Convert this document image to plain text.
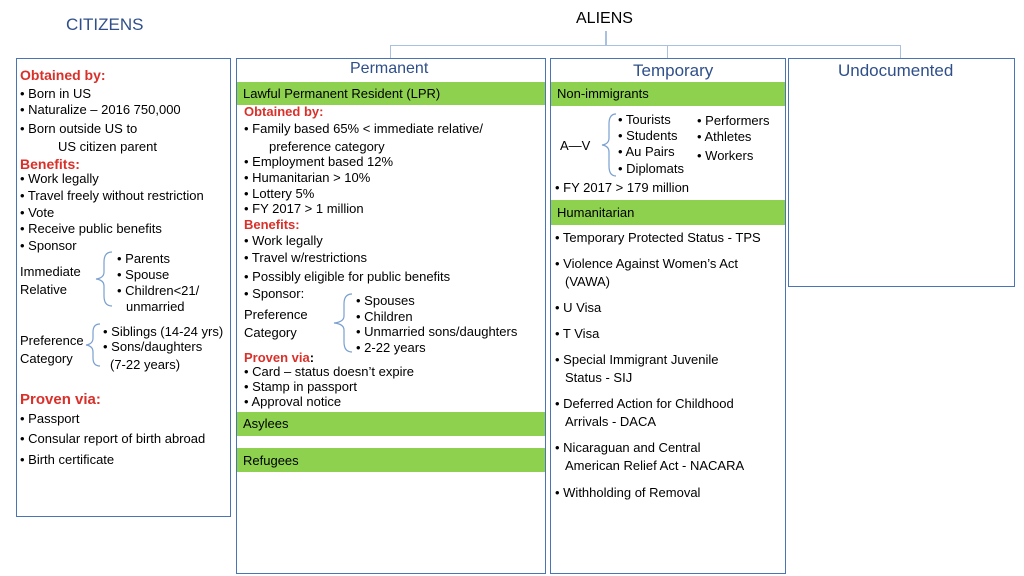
CITIZENS	ALIENS
Obtained by:
• Born in US
• Naturalize – 2016 750,000
• Born outside US to
US citizen parent
Benefits:
• Work legally
• Travel freely without restriction
• Vote
• Receive public benefits
• Sponsor
Immediate
Relative
• Parents
• Spouse
• Children<21/
unmarried
Preference
Category
• Siblings (14-24 yrs)
• Sons/daughters
(7-22 years)
Proven via:
• Passport
• Consular report of birth abroad
• Birth certificate
Permanent
Lawful Permanent Resident (LPR)
Obtained by:
• Family based 65% < immediate relative/
preference category
• Employment based 12%
• Humanitarian > 10%
• Lottery 5%
• FY 2017 > 1 million
Benefits:
• Work legally
• Travel w/restrictions
• Possibly eligible for public benefits
• Sponsor:
Preference
Category
• Spouses
• Children
• Unmarried sons/daughters
• 2-22 years
Proven via:
• Card – status doesn’t expire
• Stamp in passport
• Approval notice
Asylees
Refugees
Temporary
Non-immigrants
A—V
• Tourists
• Students
• Au Pairs
• Diplomats
• Performers
• Athletes
• Workers
• FY 2017 > 179 million
Humanitarian
• Temporary Protected Status - TPS
• Violence Against Women’s Act
(VAWA)
• U Visa
• T Visa
• Special Immigrant Juvenile
Status - SIJ
• Deferred Action for Childhood
Arrivals - DACA
• Nicaraguan and Central
American Relief Act - NACARA
• Withholding of Removal
Undocumented
